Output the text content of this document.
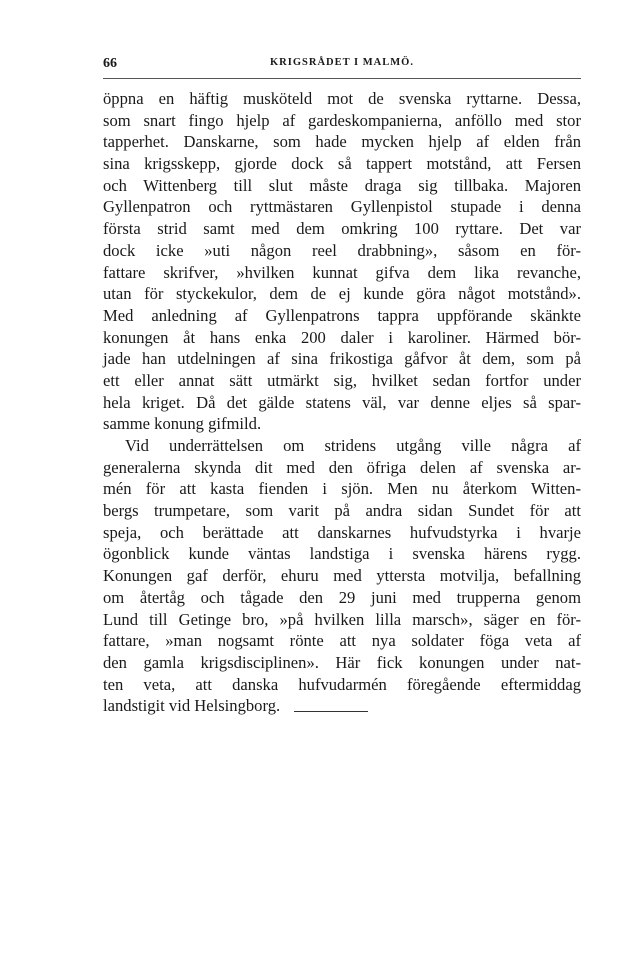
66	KRIGSRÅDET I MALMÖ.
öppna en häftig musköteld mot de svenska ryttarne. Dessa,
som snart fingo hjelp af gardeskompanierna, anföllo med stor
tapperhet. Danskarne, som hade mycken hjelp af elden från
sina krigsskepp, gjorde dock så tappert motstånd, att Fersen
och Wittenberg till slut måste draga sig tillbaka. Majoren
Gyllenpatron och ryttmästaren Gyllenpistol stupade i denna
första strid samt med dem omkring 100 ryttare. Det var
dock icke »uti någon reel drabbning», såsom en för-
fattare skrifver, »hvilken kunnat gifva dem lika revanche,
utan för styckekulor, dem de ej kunde göra något motstånd».
Med anledning af Gyllenpatrons tappra uppförande skänkte
konungen åt hans enka 200 daler i karoliner. Härmed bör-
jade han utdelningen af sina frikostiga gåfvor åt dem, som på
ett eller annat sätt utmärkt sig, hvilket sedan fortfor under
hela kriget. Då det gälde statens väl, var denne eljes så spar-
samme konung gifmild.
Vid underrättelsen om stridens utgång ville några af
generalerna skynda dit med den öfriga delen af svenska ar-
mén för att kasta fienden i sjön. Men nu återkom Witten-
bergs trumpetare, som varit på andra sidan Sundet för att
speja, och berättade att danskarnes hufvudstyrka i hvarje
ögonblick kunde väntas landstiga i svenska härens rygg.
Konungen gaf derför, ehuru med yttersta motvilja, befallning
om återtåg och tågade den 29 juni med trupperna genom
Lund till Getinge bro, »på hvilken lilla marsch», säger en för-
fattare, »man nogsamt rönte att nya soldater föga veta af
den gamla krigsdisciplinen». Här fick konungen under nat-
ten veta, att danska hufvudarmén föregående eftermiddag
landstigit vid Helsingborg.
